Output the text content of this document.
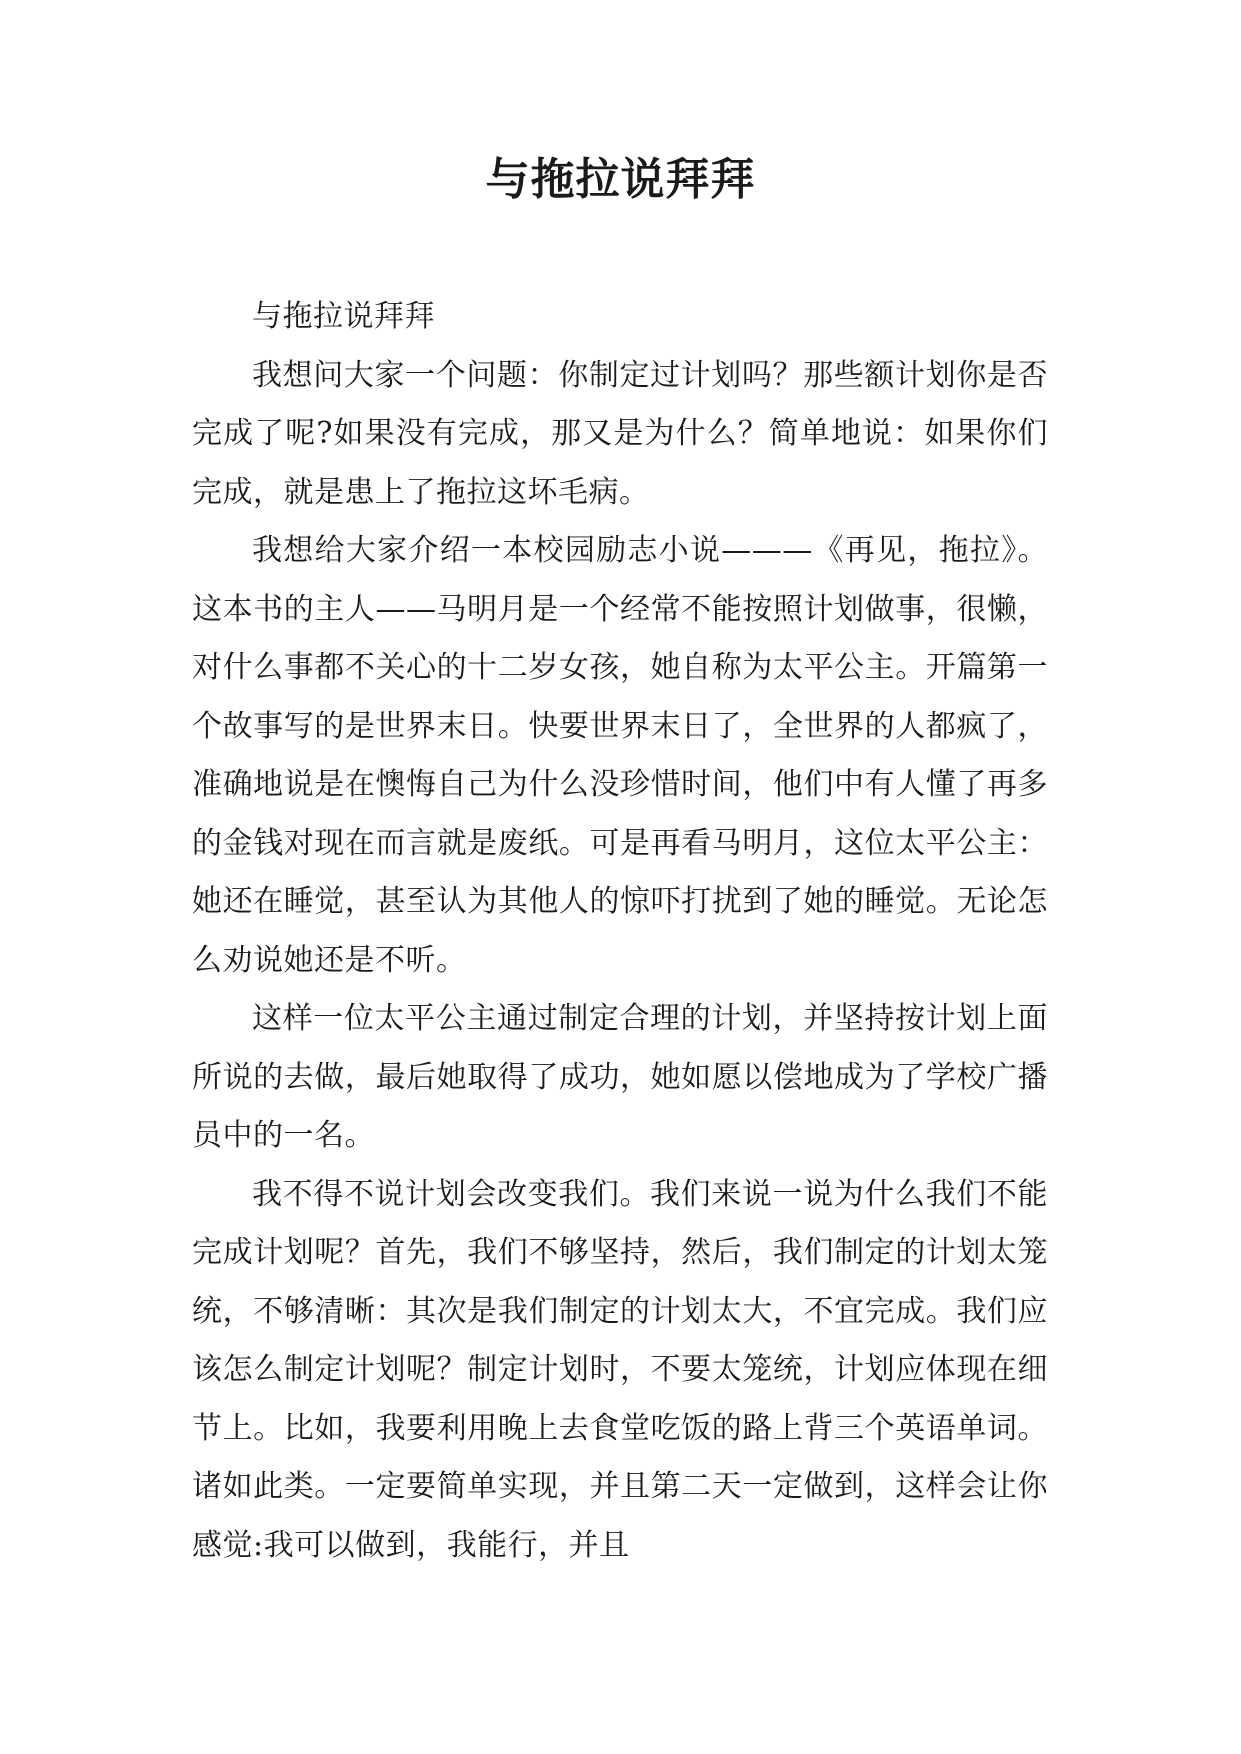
与拖拉说拜拜

与拖拉说拜拜

我想问大家一个问题：你制定过计划吗？那些额计划你是否完成了呢?如果没有完成，那又是为什么？简单地说：如果你们完成，就是患上了拖拉这坏毛病。

我想给大家介绍一本校园励志小说———《再见，拖拉》。这本书的主人——马明月是一个经常不能按照计划做事，很懒，对什么事都不关心的十二岁女孩，她自称为太平公主。开篇第一个故事写的是世界末日。快要世界末日了，全世界的人都疯了，准确地说是在懊悔自己为什么没珍惜时间，他们中有人懂了再多的金钱对现在而言就是废纸。可是再看马明月，这位太平公主：她还在睡觉，甚至认为其他人的惊吓打扰到了她的睡觉。无论怎么劝说她还是不听。

这样一位太平公主通过制定合理的计划，并坚持按计划上面所说的去做，最后她取得了成功，她如愿以偿地成为了学校广播员中的一名。

我不得不说计划会改变我们。我们来说一说为什么我们不能完成计划呢？首先，我们不够坚持，然后，我们制定的计划太笼统，不够清晰：其次是我们制定的计划太大，不宜完成。我们应该怎么制定计划呢？制定计划时，不要太笼统，计划应体现在细节上。比如，我要利用晚上去食堂吃饭的路上背三个英语单词。诸如此类。一定要简单实现，并且第二天一定做到，这样会让你感觉:我可以做到，我能行，并且
